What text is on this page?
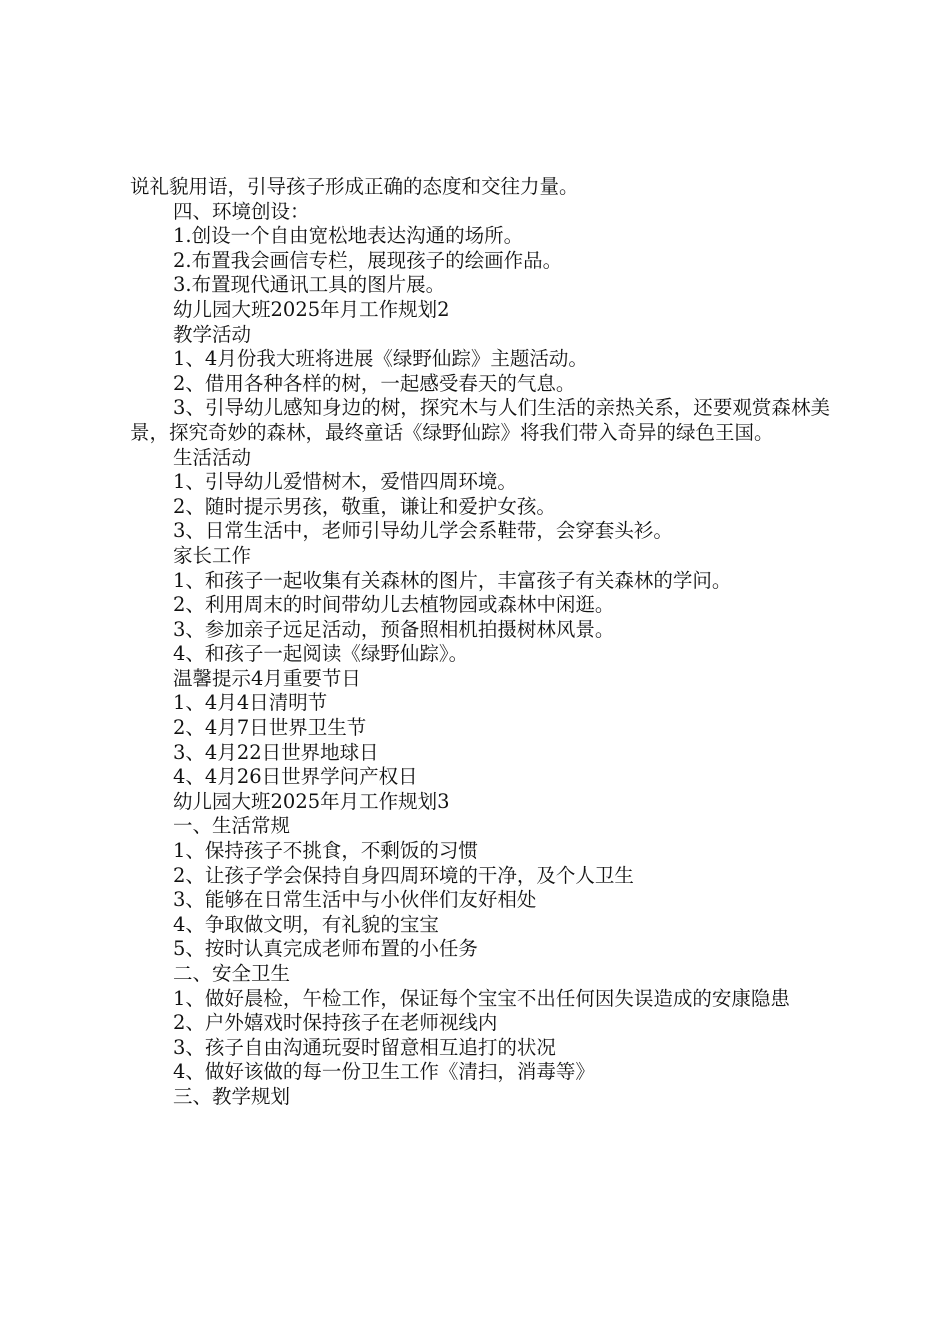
说礼貌用语，引导孩子形成正确的态度和交往力量。

四、环境创设：

1.创设一个自由宽松地表达沟通的场所。

2.布置我会画信专栏，展现孩子的绘画作品。

3.布置现代通讯工具的图片展。

幼儿园大班2025年月工作规划2

教学活动

1、4月份我大班将进展《绿野仙踪》主题活动。

2、借用各种各样的树，一起感受春天的气息。

3、引导幼儿感知身边的树，探究木与人们生活的亲热关系，还要观赏森林美景，探究奇妙的森林，最终童话《绿野仙踪》将我们带入奇异的绿色王国。

生活活动

1、引导幼儿爱惜树木，爱惜四周环境。

2、随时提示男孩，敬重，谦让和爱护女孩。

3、日常生活中，老师引导幼儿学会系鞋带，会穿套头衫。

家长工作

1、和孩子一起收集有关森林的图片，丰富孩子有关森林的学问。

2、利用周末的时间带幼儿去植物园或森林中闲逛。

3、参加亲子远足活动，预备照相机拍摄树林风景。

4、和孩子一起阅读《绿野仙踪》。

温馨提示4月重要节日

1、4月4日清明节

2、4月7日世界卫生节

3、4月22日世界地球日

4、4月26日世界学问产权日

幼儿园大班2025年月工作规划3

一、生活常规

1、保持孩子不挑食，不剩饭的习惯

2、让孩子学会保持自身四周环境的干净，及个人卫生

3、能够在日常生活中与小伙伴们友好相处

4、争取做文明，有礼貌的宝宝

5、按时认真完成老师布置的小任务

二、安全卫生

1、做好晨检，午检工作，保证每个宝宝不出任何因失误造成的安康隐患

2、户外嬉戏时保持孩子在老师视线内

3、孩子自由沟通玩耍时留意相互追打的状况

4、做好该做的每一份卫生工作《清扫，消毒等》

三、教学规划
